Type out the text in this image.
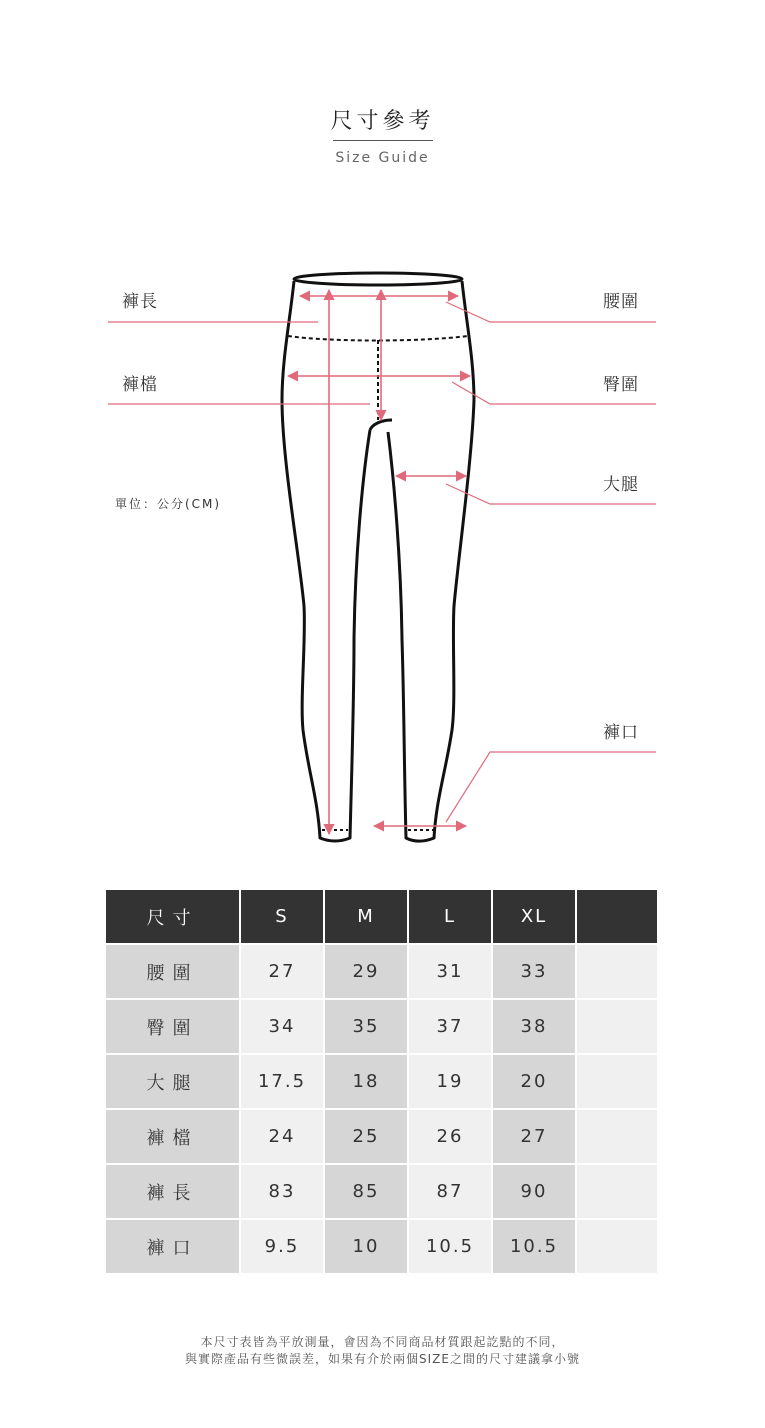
尺寸參考
Size Guide
褲長
褲檔
腰圍
臀圍
大腿
褲口
單位：公分(CM)
尺寸	S	M	L	XL	
腰圍	27	29	31	33	
臀圍	34	35	37	38	
大腿	17.5	18	19	20	
褲檔	24	25	26	27	
褲長	83	85	87	90	
褲口	9.5	10	10.5	10.5	
本尺寸表皆為平放測量，會因為不同商品材質跟起訖點的不同，
與實際產品有些微誤差，如果有介於兩個SIZE之間的尺寸建議拿小號
